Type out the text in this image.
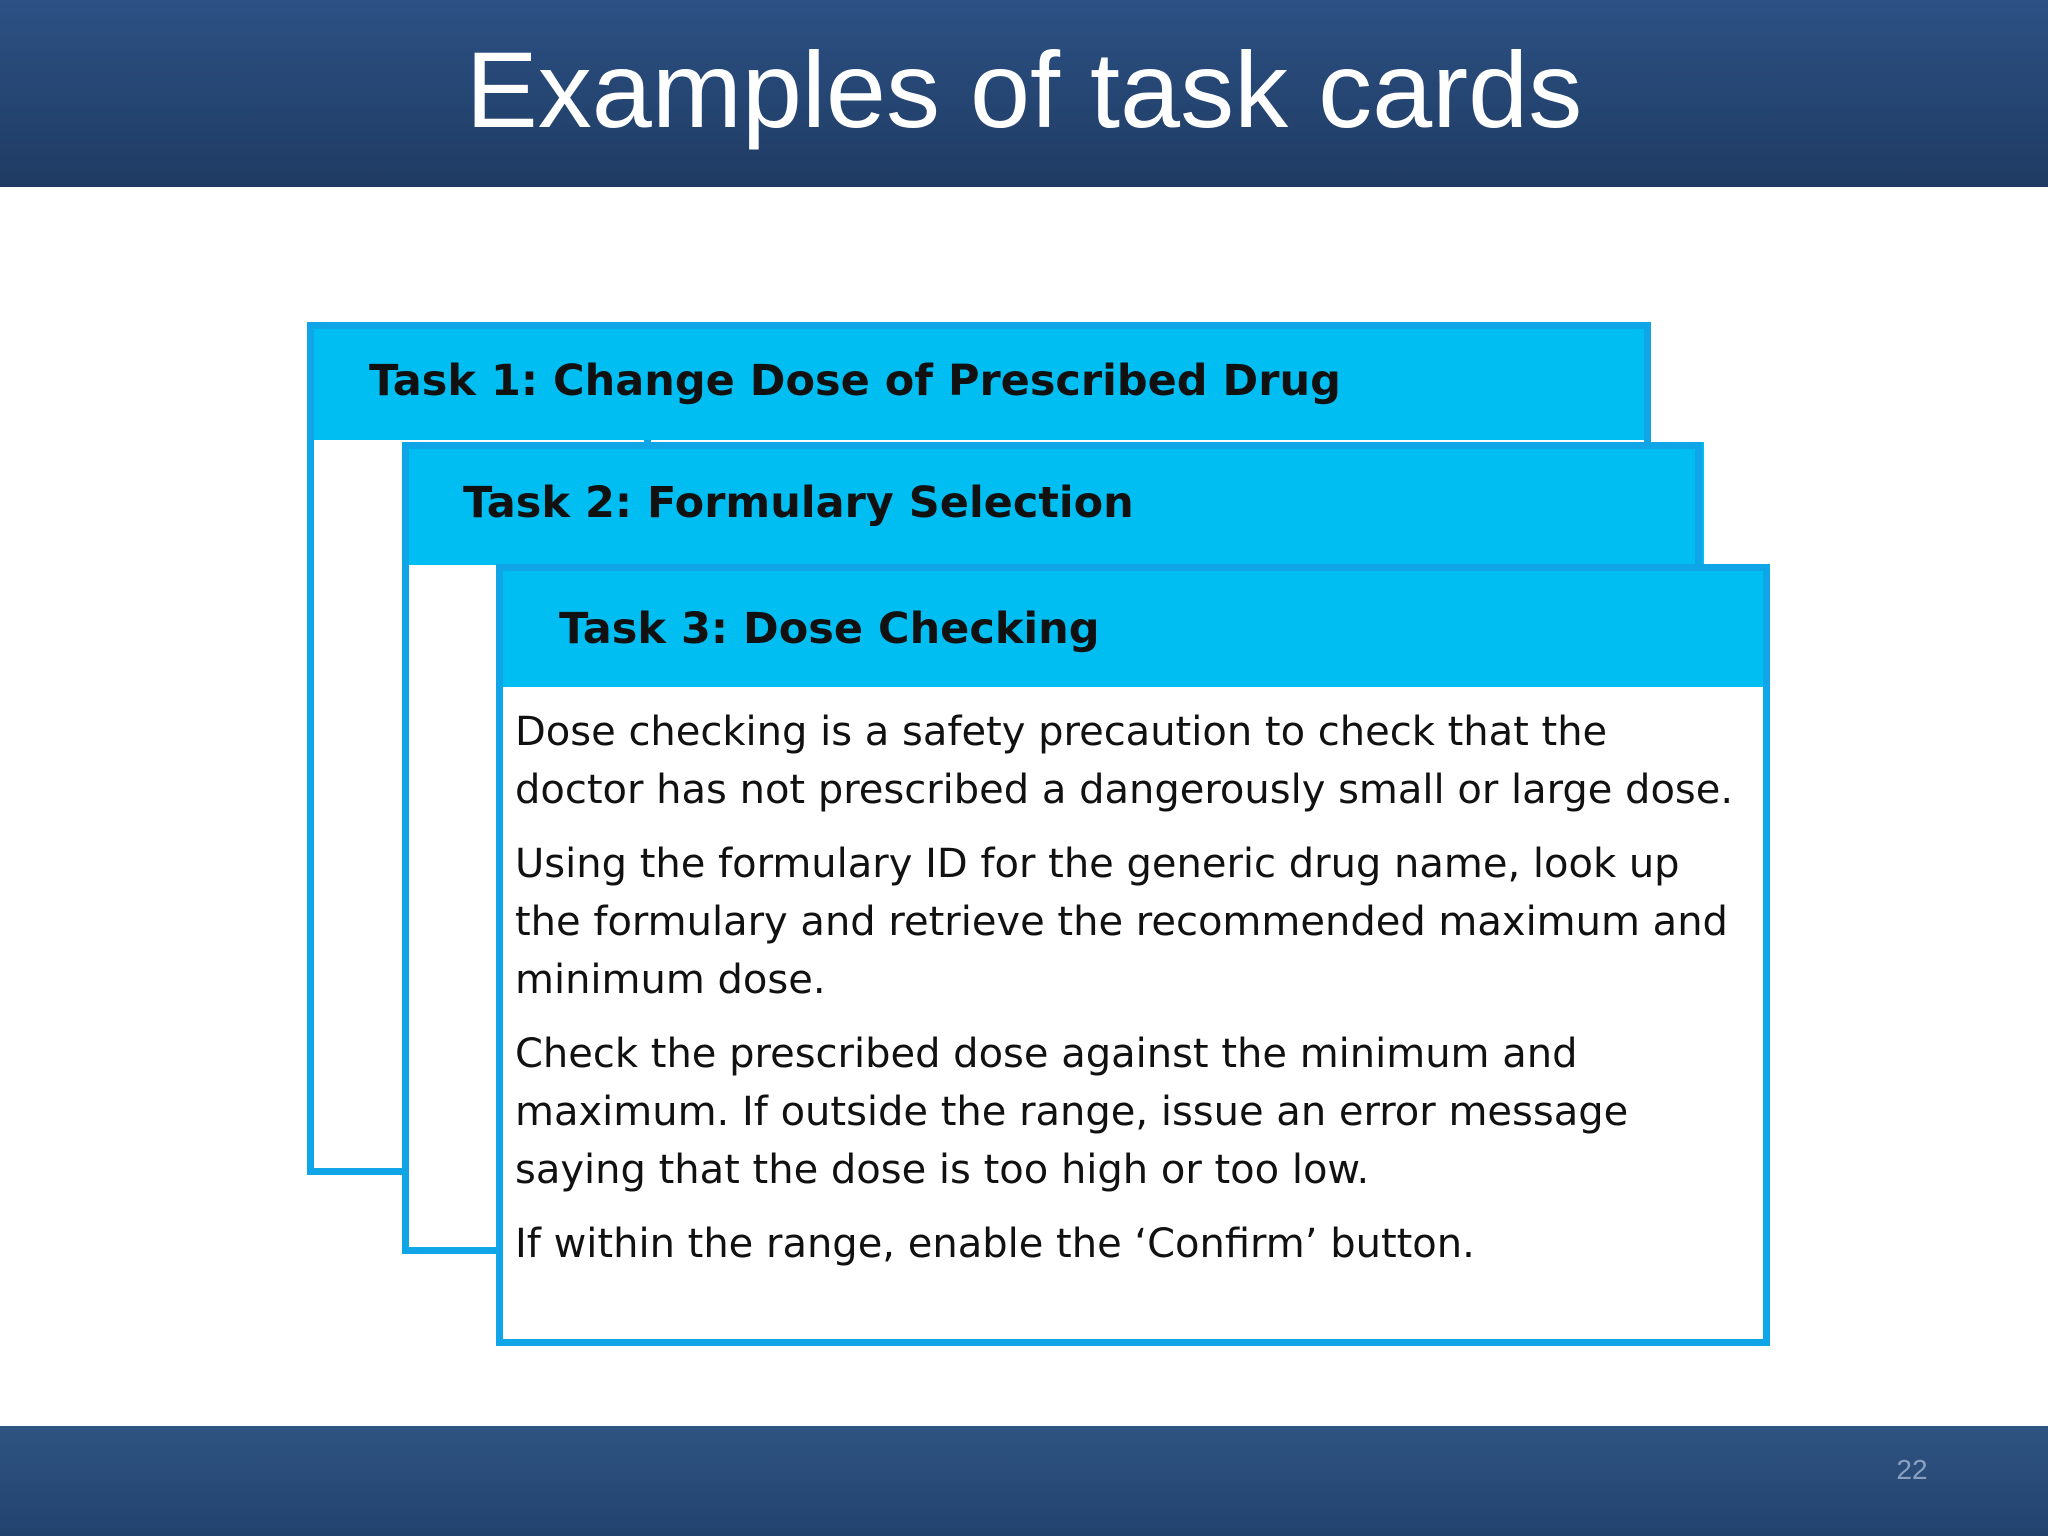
Examples of task cards
Task 1: Change Dose of Prescribed Drug
Task 2: Formulary Selection
Task 3: Dose Checking

Dose checking is a safety precaution to check that the doctor has not prescribed a dangerously small or large dose.

Using the formulary ID for the generic drug name, look up the formulary and retrieve the recommended maximum and minimum dose.

Check the prescribed dose against the minimum and maximum. If outside the range, issue an error message saying that the dose is too high or too low.

If within the range, enable the ‘Confirm’ button.

22
